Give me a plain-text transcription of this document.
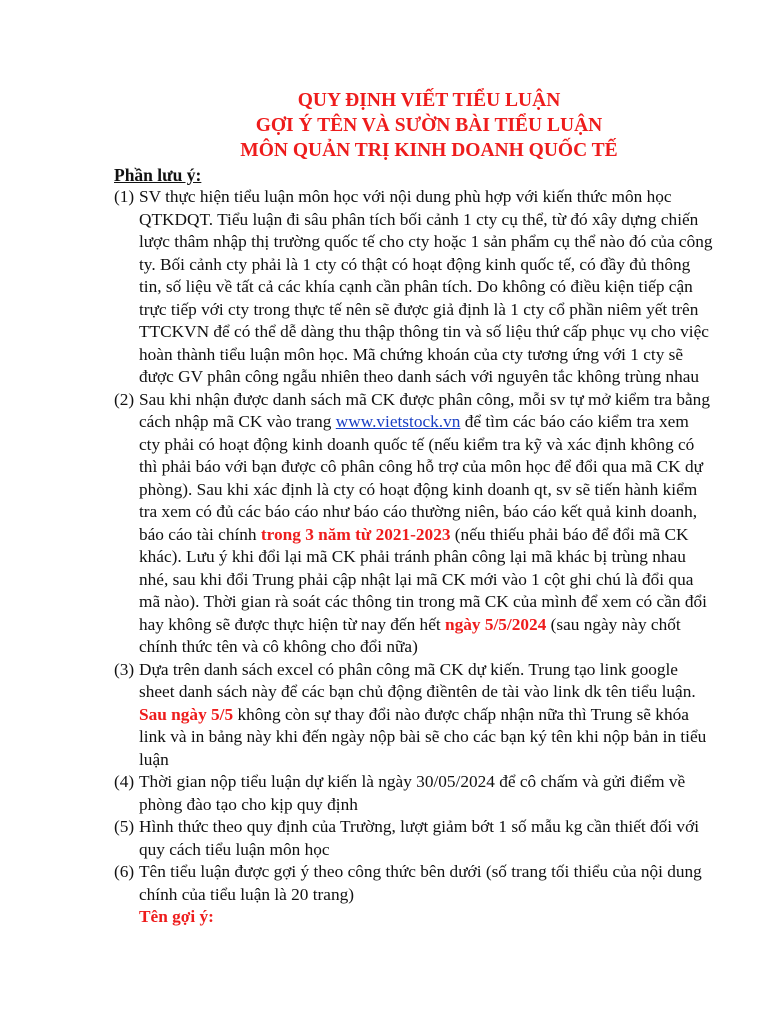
QUY ĐỊNH VIẾT TIỂU LUẬN
GỢI Ý TÊN VÀ SƯỜN BÀI TIỂU LUẬN
MÔN QUẢN TRỊ KINH DOANH QUỐC TẾ
Phần lưu ý:
(1) SV thực hiện tiểu luận môn học với nội dung phù hợp với kiến thức môn học QTKDQT. Tiểu luận đi sâu phân tích bối cảnh 1 cty cụ thể, từ đó xây dựng chiến lược thâm nhập thị trường quốc tế cho cty hoặc 1 sản phẩm cụ thể nào đó của công ty. Bối cảnh cty phải là 1 cty có thật có hoạt động kinh quốc tế, có đầy đủ thông tin, số liệu về tất cả các khía cạnh cần phân tích. Do không có điều kiện tiếp cận trực tiếp với cty trong thực tế nên sẽ được giả định là 1 cty cổ phần niêm yết trên TTCKVN để có thể dễ dàng thu thập thông tin và số liệu thứ cấp phục vụ cho việc hoàn thành tiểu luận môn học. Mã chứng khoán của cty tương ứng với 1 cty sẽ được GV phân công ngẫu nhiên theo danh sách với nguyên tắc không trùng nhau
(2) Sau khi nhận được danh sách mã CK được phân công, mỗi sv tự mở kiểm tra bằng cách nhập mã CK vào trang www.vietstock.vn để tìm các báo cáo kiểm tra xem cty phải có hoạt động kinh doanh quốc tế (nếu kiểm tra kỹ và xác định không có thì phải báo với bạn được cô phân công hỗ trợ của môn học để đổi qua mã CK dự phòng). Sau khi xác định là cty có hoạt động kinh doanh qt, sv sẽ tiến hành kiểm tra xem có đủ các báo cáo như báo cáo thường niên, báo cáo kết quả kinh doanh, báo cáo tài chính trong 3 năm từ 2021-2023 (nếu thiếu phải báo để đổi mã CK khác). Lưu ý khi đổi lại mã CK phải tránh phân công lại mã khác bị trùng nhau nhé, sau khi đổi Trung phải cập nhật lại mã CK mới vào 1 cột ghi chú là đổi qua mã nào). Thời gian rà soát các thông tin trong mã CK của mình để xem có cần đổi hay không sẽ được thực hiện từ nay đến hết ngày 5/5/2024 (sau ngày này chốt chính thức tên và cô không cho đổi nữa)
(3) Dựa trên danh sách excel có phân công mã CK dự kiến. Trung tạo link google sheet danh sách này để các bạn chủ động điềntên de tài vào link dk tên tiểu luận. Sau ngày 5/5 không còn sự thay đổi nào được chấp nhận nữa thì Trung sẽ khóa link và in bảng này khi đến ngày nộp bài sẽ cho các bạn ký tên khi nộp bản in tiểu luận
(4) Thời gian nộp tiểu luận dự kiến là ngày 30/05/2024 để cô chấm và gửi điểm về phòng đào tạo cho kịp quy định
(5) Hình thức theo quy định của Trường, lượt giảm bớt 1 số mẫu kg cần thiết đối với quy cách tiểu luận môn học
(6) Tên tiểu luận được gợi ý theo công thức bên dưới (số trang tối thiểu của nội dung chính của tiểu luận là 20 trang)
Tên gợi ý:
